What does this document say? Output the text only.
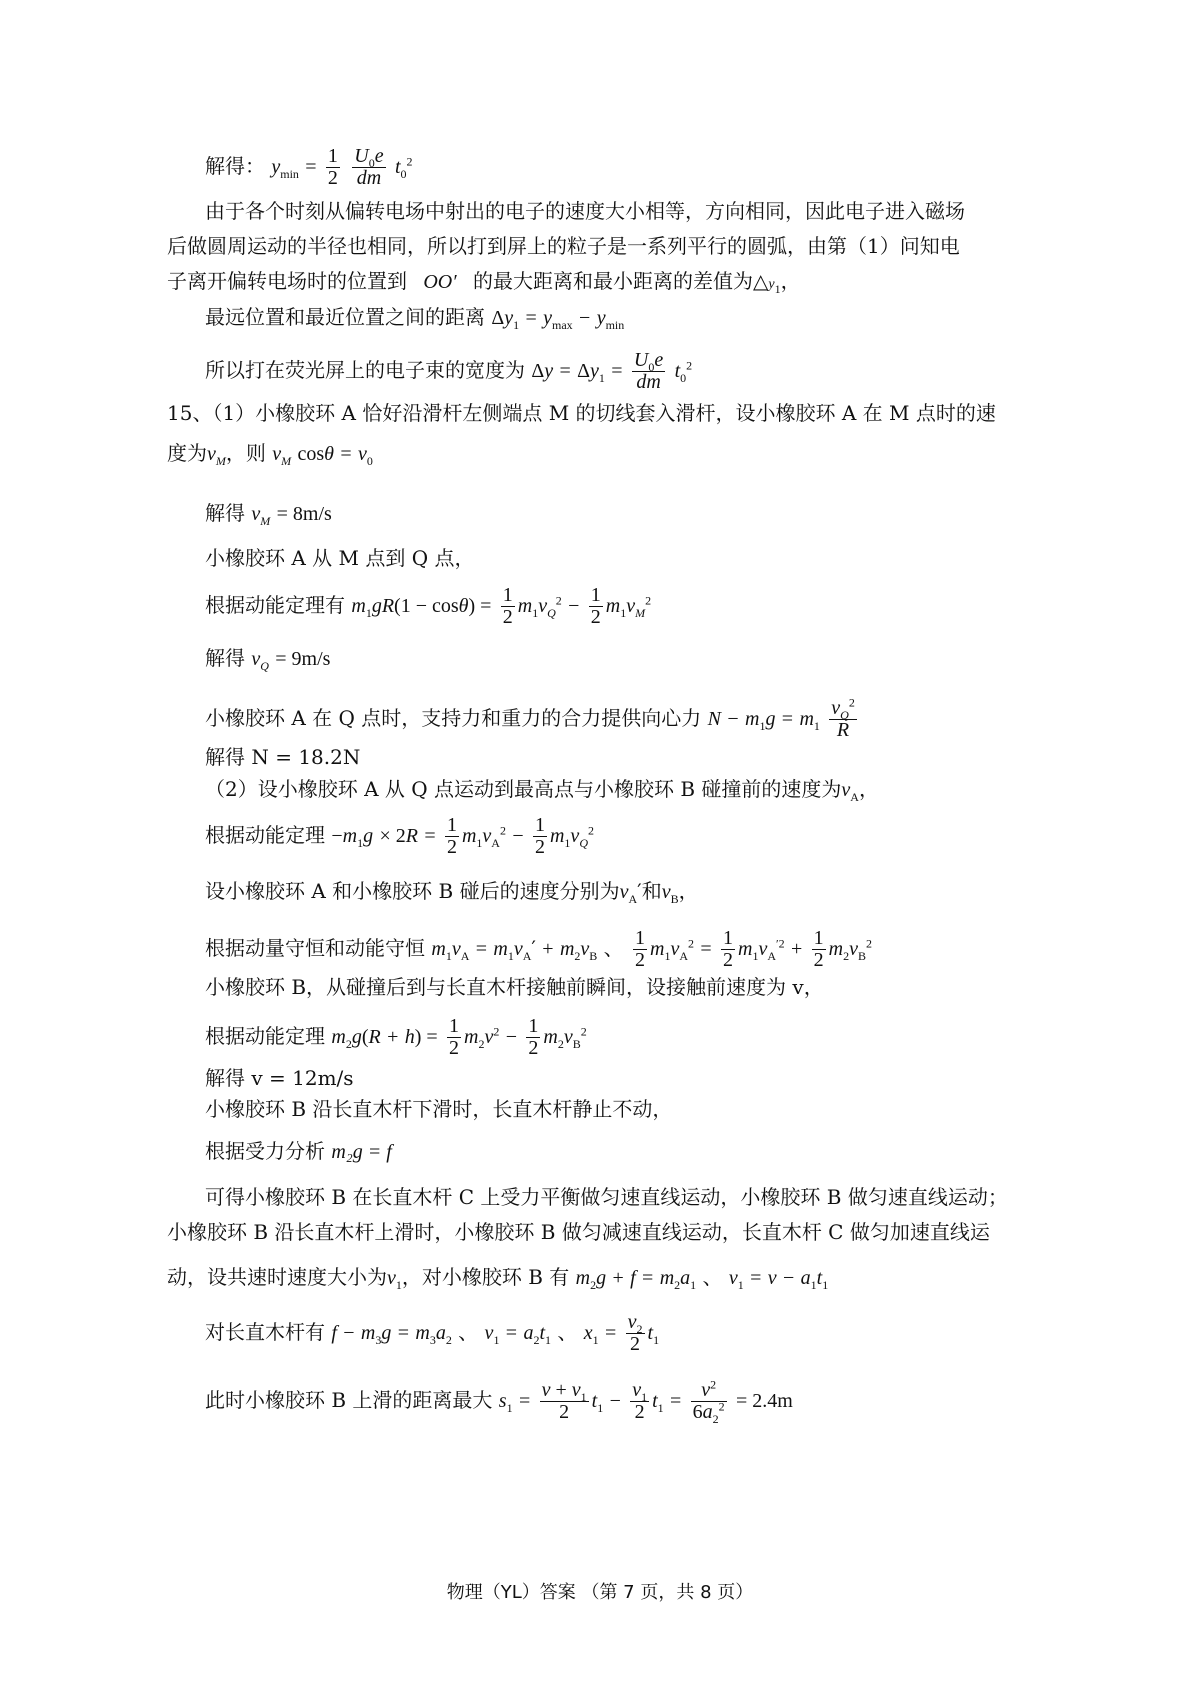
解得： $y_{min} = \frac{1}{2}$
$\frac{U_0e}{dm} t_0^2$
由于各个时刻从偏转电场中射出的电子的速度大小相等，方向相同，因此电子进入磁场
后做圆周运动的半径也相同，所以打到屏上的粒子是一系列平行的圆弧，由第（1）问知电
子离开偏转电场时的位置到 OO′ 的最大距离和最小距离的差值为$\triangle y_1$，
最远位置和最近位置之间的距离 $\Delta y_1 = y_{max} - y_{min}$
所以打在荧光屏上的电子束的宽度为 $\Delta y = \Delta y_1 = \frac{U_0e}{dm} t_0^2$
15、（1）小橡胶环 A 恰好沿滑杆左侧端点 M 的切线套入滑杆，设小橡胶环 A 在 M 点时的速
度为$v_M$，则 $v_M$ $\cos\theta = v_0$
解得 $v_M = 8m/s$
小橡胶环 A 从 M 点到 Q 点，
根据动能定理有 $m_1gR(1 - \cos\theta) = \frac{1}{2} m_1v_Q^2 - \frac{1}{2} m_1v_M^2$
解得 $v_Q = 9m/s$
小橡胶环 A 在 Q 点时，支持力和重力的合力提供向心力 $N - m_1g = m_1 \frac{v_Q^2}{R}$
解得 N = 18.2N
（2）设小橡胶环 A 从 Q 点运动到最高点与小橡胶环 B 碰撞前的速度为$v_A$，
根据动能定理 $-m_1g \times 2R = \frac{1}{2} m_1v_A^2 - \frac{1}{2} m_1v_Q^2$
设小橡胶环 A 和小橡胶环 B 碰后的速度分别为$v_A'$和$v_B$，
根据动量守恒和动能守恒 $m_1v_A = m_1v_A' + m_2v_B$ 、 $\frac{1}{2} m_1v_A^2 = \frac{1}{2} m_1v_A^{'2} + \frac{1}{2} m_2v_B^2$
小橡胶环 B，从碰撞后到与长直木杆接触前瞬间，设接触前速度为 v，
根据动能定理 $m_2g(R + h) = \frac{1}{2} m_2v^2 - \frac{1}{2} m_2v_B^2$
解得 v = 12m/s
小橡胶环 B 沿长直木杆下滑时，长直木杆静止不动，
根据受力分析 m₂g = f
可得小橡胶环 B 在长直木杆 C 上受力平衡做匀速直线运动，小橡胶环 B 做匀速直线运动；
小橡胶环 B 沿长直木杆上滑时，小橡胶环 B 做匀减速直线运动，长直木杆 C 做匀加速直线运
动，设共速时速度大小为$v_1$，对小橡胶环 B 有 $m_2g + f = m_2a_1$ 、 $v_1 = v - a_1t_1$
对长直木杆有 $f - m_3g = m_3a_2$ 、 $v_1 = a_2t_1$ 、 $x_1 = \frac{v_2}{2} t_1$
此时小橡胶环 B 上滑的距离最大 $s_1 = \frac{v + v_1}{2} t_1 - \frac{v_1}{2} t_1 = \frac{v^2}{6a_2^2} = 2.4m$
物理（YL）答案 （第 7 页，共 8 页）
